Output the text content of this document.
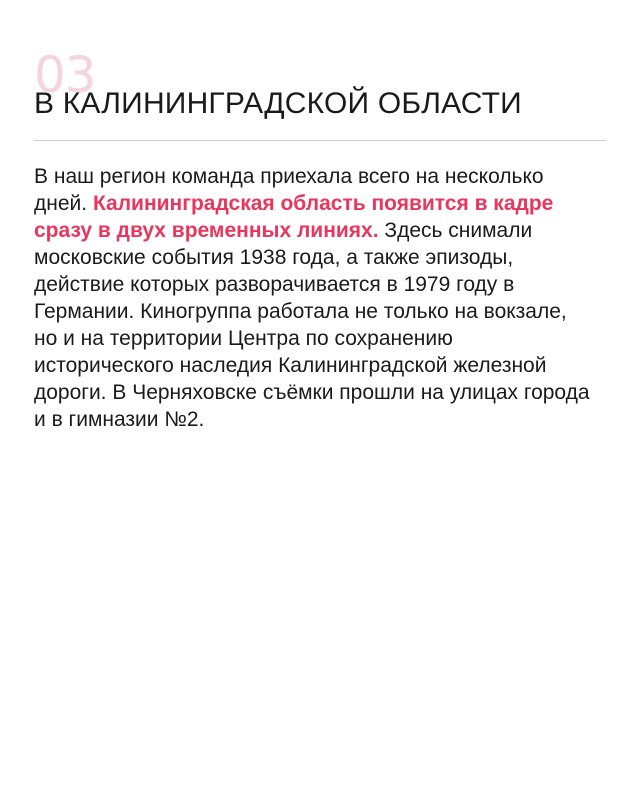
03
В КАЛИНИНГРАДСКОЙ ОБЛАСТИ

В наш регион команда приехала всего на несколько дней. Калининградская область появится в кадре сразу в двух временных линиях. Здесь снимали московские события 1938 года, а также эпизоды, действие которых разворачивается в 1979 году в Германии. Киногруппа работала не только на вокзале, но и на территории Центра по сохранению исторического наследия Калининградской железной дороги. В Черняховске съёмки прошли на улицах города и в гимназии №2.
